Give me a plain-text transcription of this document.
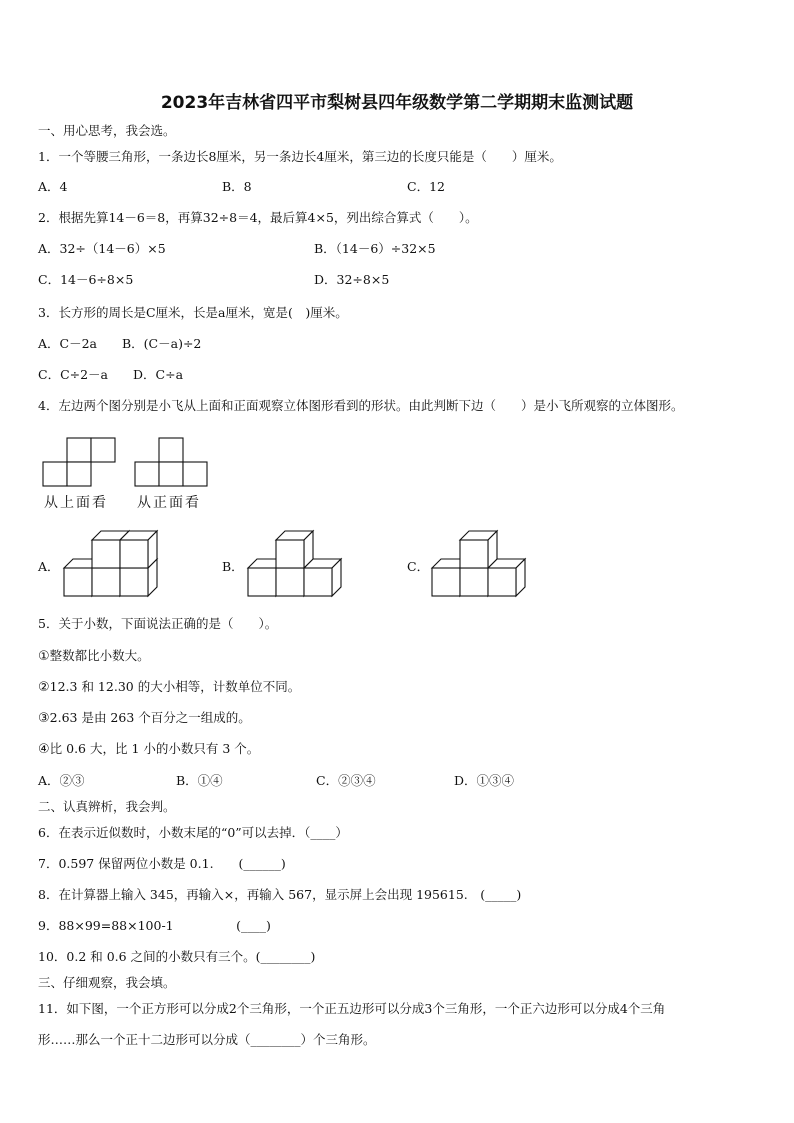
2023年吉林省四平市梨树县四年级数学第二学期期末监测试题
一、用心思考，我会选。
1．一个等腰三角形，一条边长8厘米，另一条边长4厘米，第三边的长度只能是（　　）厘米。
A．4	B．8	C．12
2．根据先算14－6＝8，再算32÷8＝4，最后算4×5，列出综合算式（　　）。
A．32÷（14－6）×5	B．（14－6）÷32×5
C．14－6÷8×5	D．32÷8×5
3．长方形的周长是C厘米，长是a厘米，宽是(　)厘米。
A．C－2a　　B．(C－a)÷2
C．C÷2－a　　D．C÷a
4．左边两个图分别是小飞从上面和正面观察立体图形看到的形状。由此判断下边（　　）是小飞所观察的立体图形。
从上面看 从正面看
A．	B．	C．
5．关于小数，下面说法正确的是（　　）。
①整数都比小数大。
②12.3 和 12.30 的大小相等，计数单位不同。
③2.63 是由 263 个百分之一组成的。
④比 0.6 大，比 1 小的小数只有 3 个。
A．②③	B．①④	C．②③④	D．①③④
二、认真辨析，我会判。
6．在表示近似数时，小数末尾的“0”可以去掉．（____）
7．0.597 保留两位小数是 0.1.　　(______)
8．在计算器上输入 345，再输入×，再输入 567，显示屏上会出现 195615.　(_____)
9．88×99=88×100-1　　　　　(____)
10．0.2 和 0.6 之间的小数只有三个。(________)
三、仔细观察，我会填。
11．如下图，一个正方形可以分成2个三角形，一个正五边形可以分成3个三角形，一个正六边形可以分成4个三角
形……那么一个正十二边形可以分成（________）个三角形。
